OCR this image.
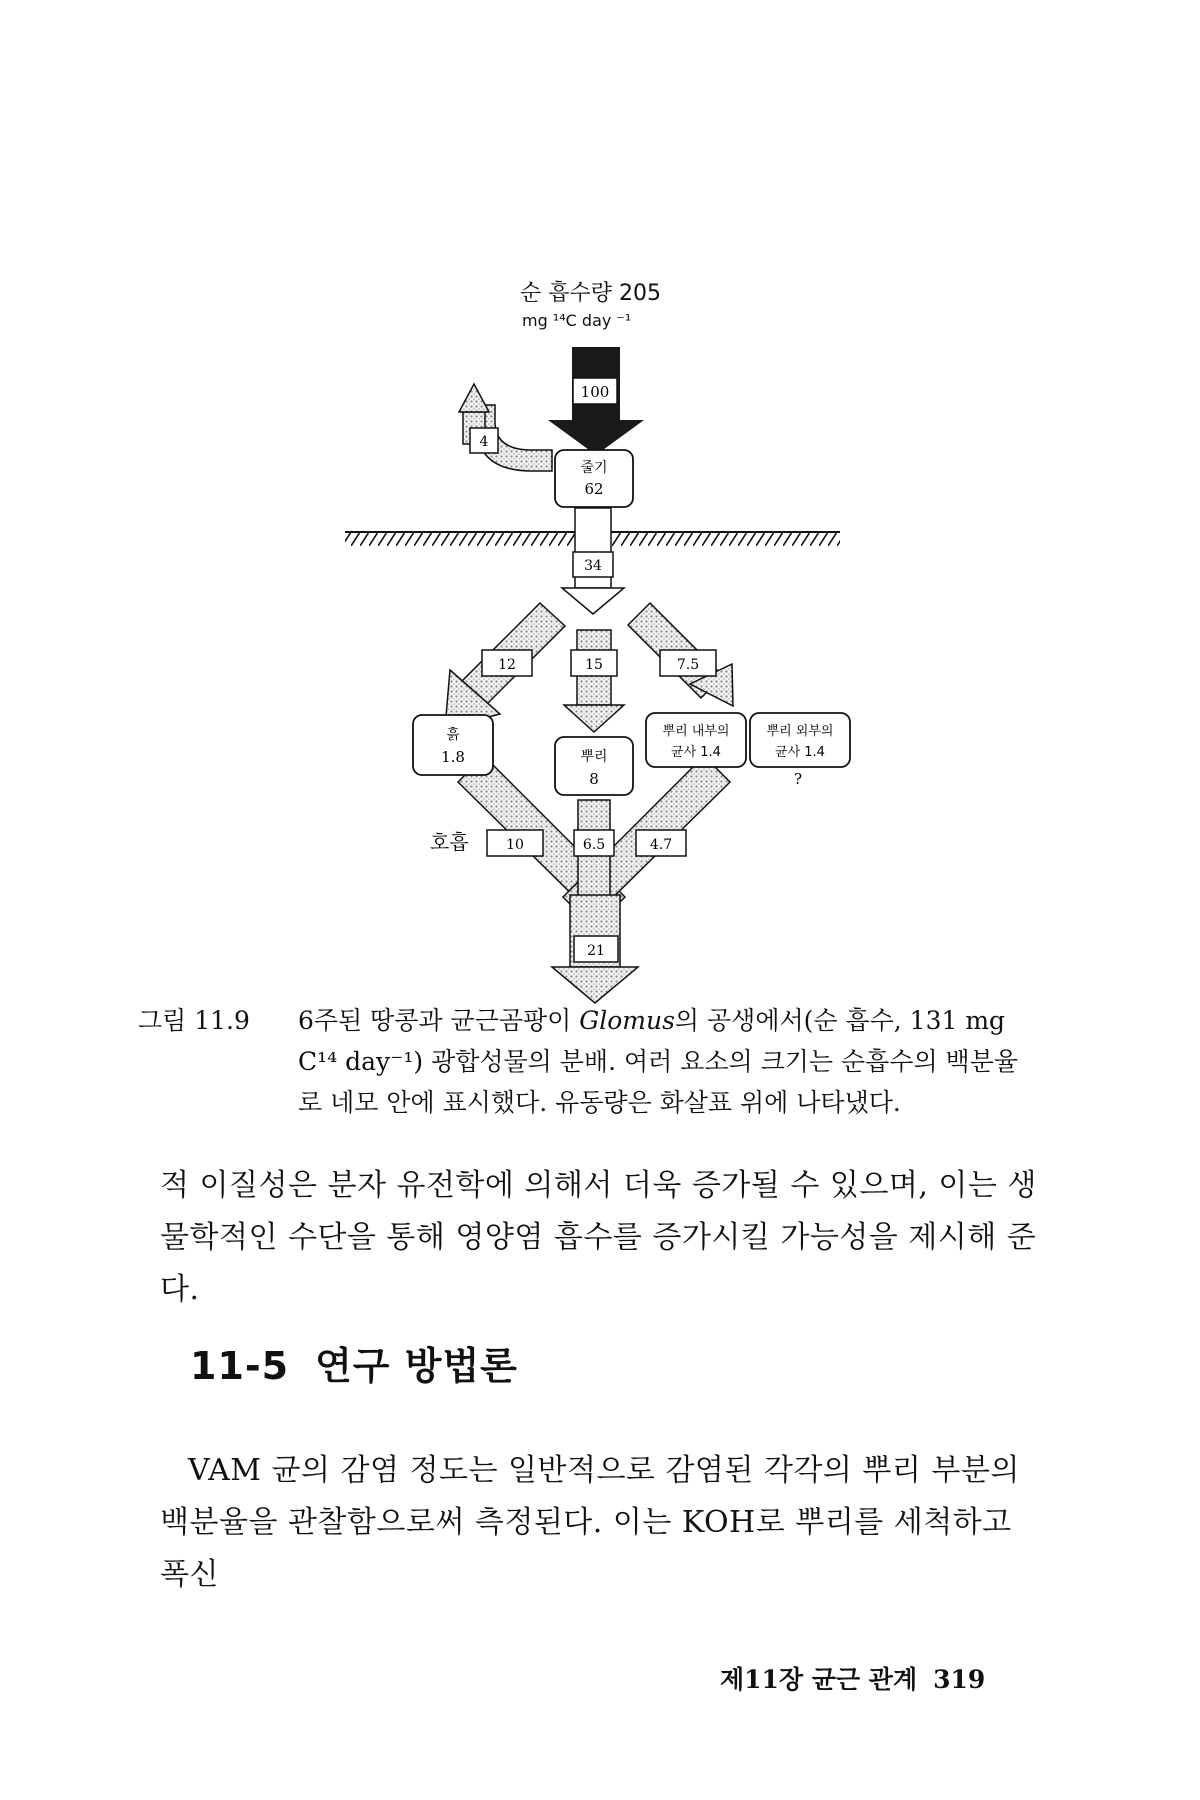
순 흡수량 205
mg ¹⁴C day ⁻¹
100
4
줄기
62
34
12	15	7.5
흙
1.8	뿌리
8
뿌리 내부의
균사 1.4
뿌리 외부의
균사 1.4
?
호흡	10	6.5	4.7
21
그림 11.9 6주된 땅콩과 균근곰팡이 Glomus의 공생에서(순 흡수, 131 mg C¹⁴ day⁻¹) 광합성물의 분배. 여러 요소의 크기는 순흡수의 백분율로 네모 안에 표시했다. 유동량은 화살표 위에 나타냈다.

적 이질성은 분자 유전학에 의해서 더욱 증가될 수 있으며, 이는 생물학적인 수단을 통해 영양염 흡수를 증가시킬 가능성을 제시해 준다.

11-5 연구 방법론

VAM 균의 감염 정도는 일반적으로 감염된 각각의 뿌리 부분의 백분율을 관찰함으로써 측정된다. 이는 KOH로 뿌리를 세척하고 폭신

제11장 균근 관계 319
